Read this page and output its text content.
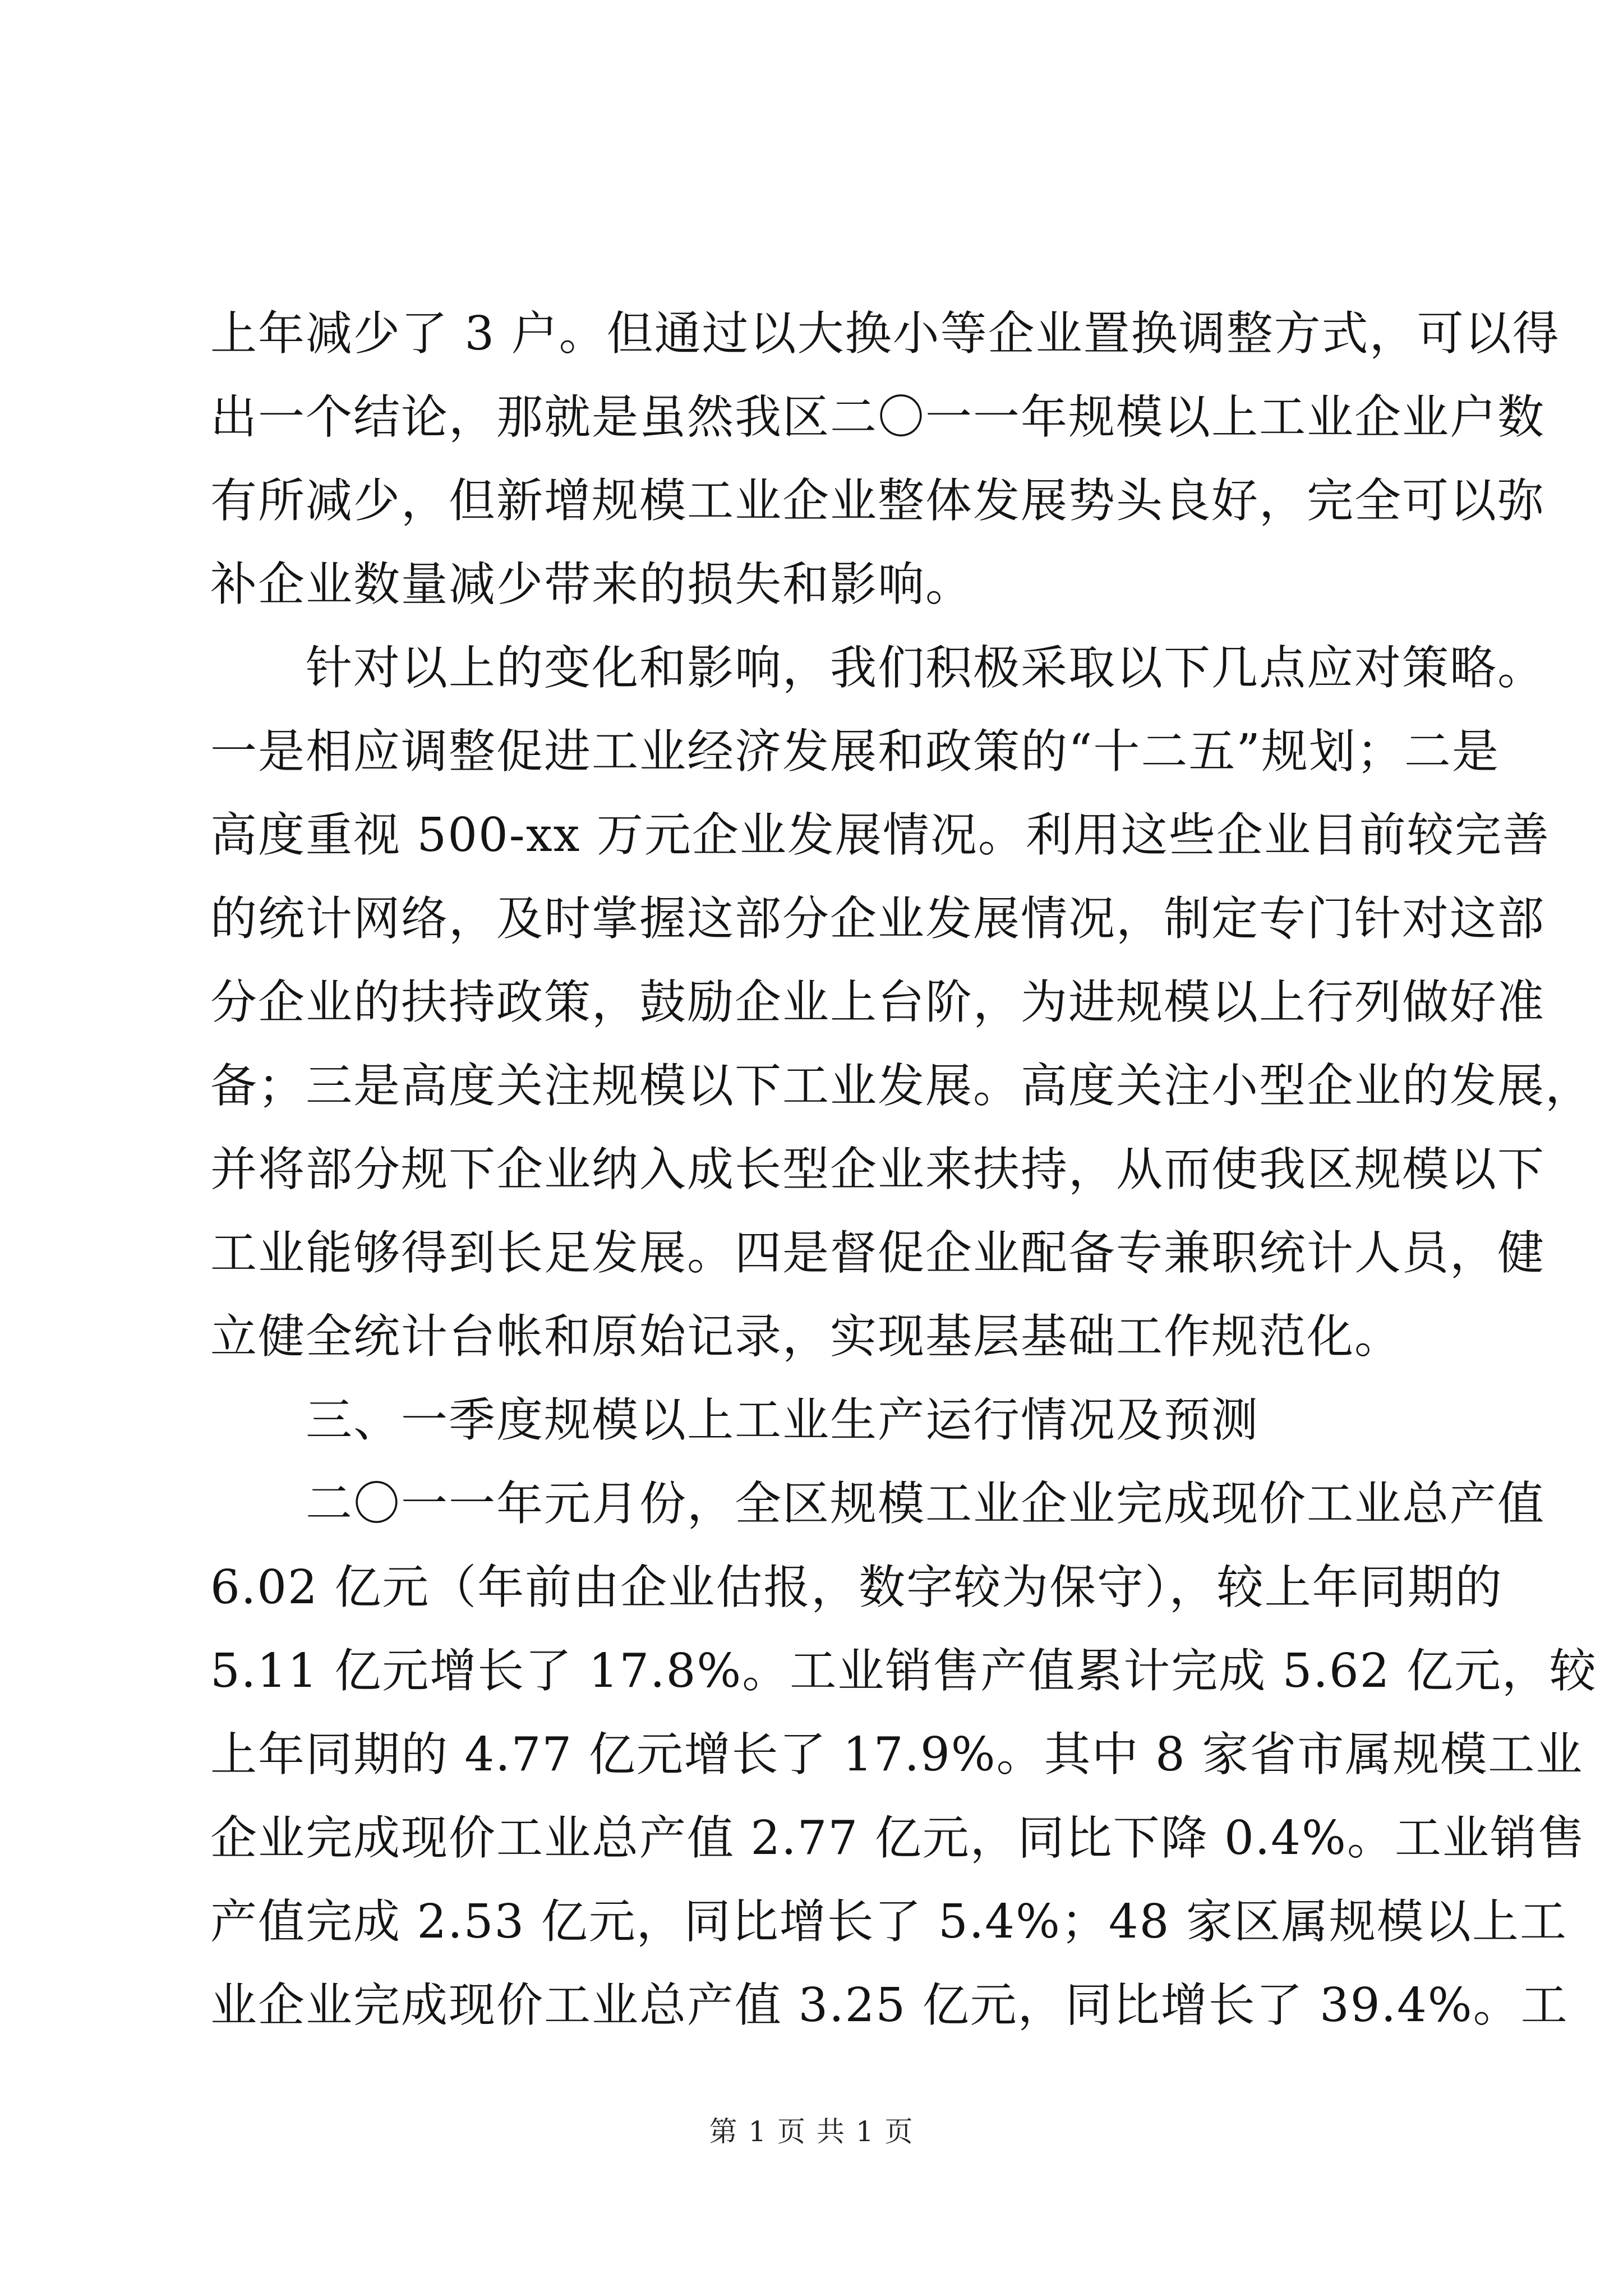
上年减少了 3 户。但通过以大换小等企业置换调整方式，可以得
出一个结论，那就是虽然我区二〇一一年规模以上工业企业户数
有所减少，但新增规模工业企业整体发展势头良好，完全可以弥
补企业数量减少带来的损失和影响。
针对以上的变化和影响，我们积极采取以下几点应对策略。
一是相应调整促进工业经济发展和政策的“十二五”规划；二是
高度重视 500-xx 万元企业发展情况。利用这些企业目前较完善
的统计网络，及时掌握这部分企业发展情况，制定专门针对这部
分企业的扶持政策，鼓励企业上台阶，为进规模以上行列做好准
备；三是高度关注规模以下工业发展。高度关注小型企业的发展，
并将部分规下企业纳入成长型企业来扶持，从而使我区规模以下
工业能够得到长足发展。四是督促企业配备专兼职统计人员，健
立健全统计台帐和原始记录，实现基层基础工作规范化。
三、一季度规模以上工业生产运行情况及预测
二〇一一年元月份，全区规模工业企业完成现价工业总产值
6.02 亿元（年前由企业估报，数字较为保守），较上年同期的
5.11 亿元增长了 17.8%。工业销售产值累计完成 5.62 亿元，较
上年同期的 4.77 亿元增长了 17.9%。其中 8 家省市属规模工业
企业完成现价工业总产值 2.77 亿元，同比下降 0.4%。工业销售
产值完成 2.53 亿元，同比增长了 5.4%；48 家区属规模以上工
业企业完成现价工业总产值 3.25 亿元，同比增长了 39.4%。工
第 1 页 共 1 页
